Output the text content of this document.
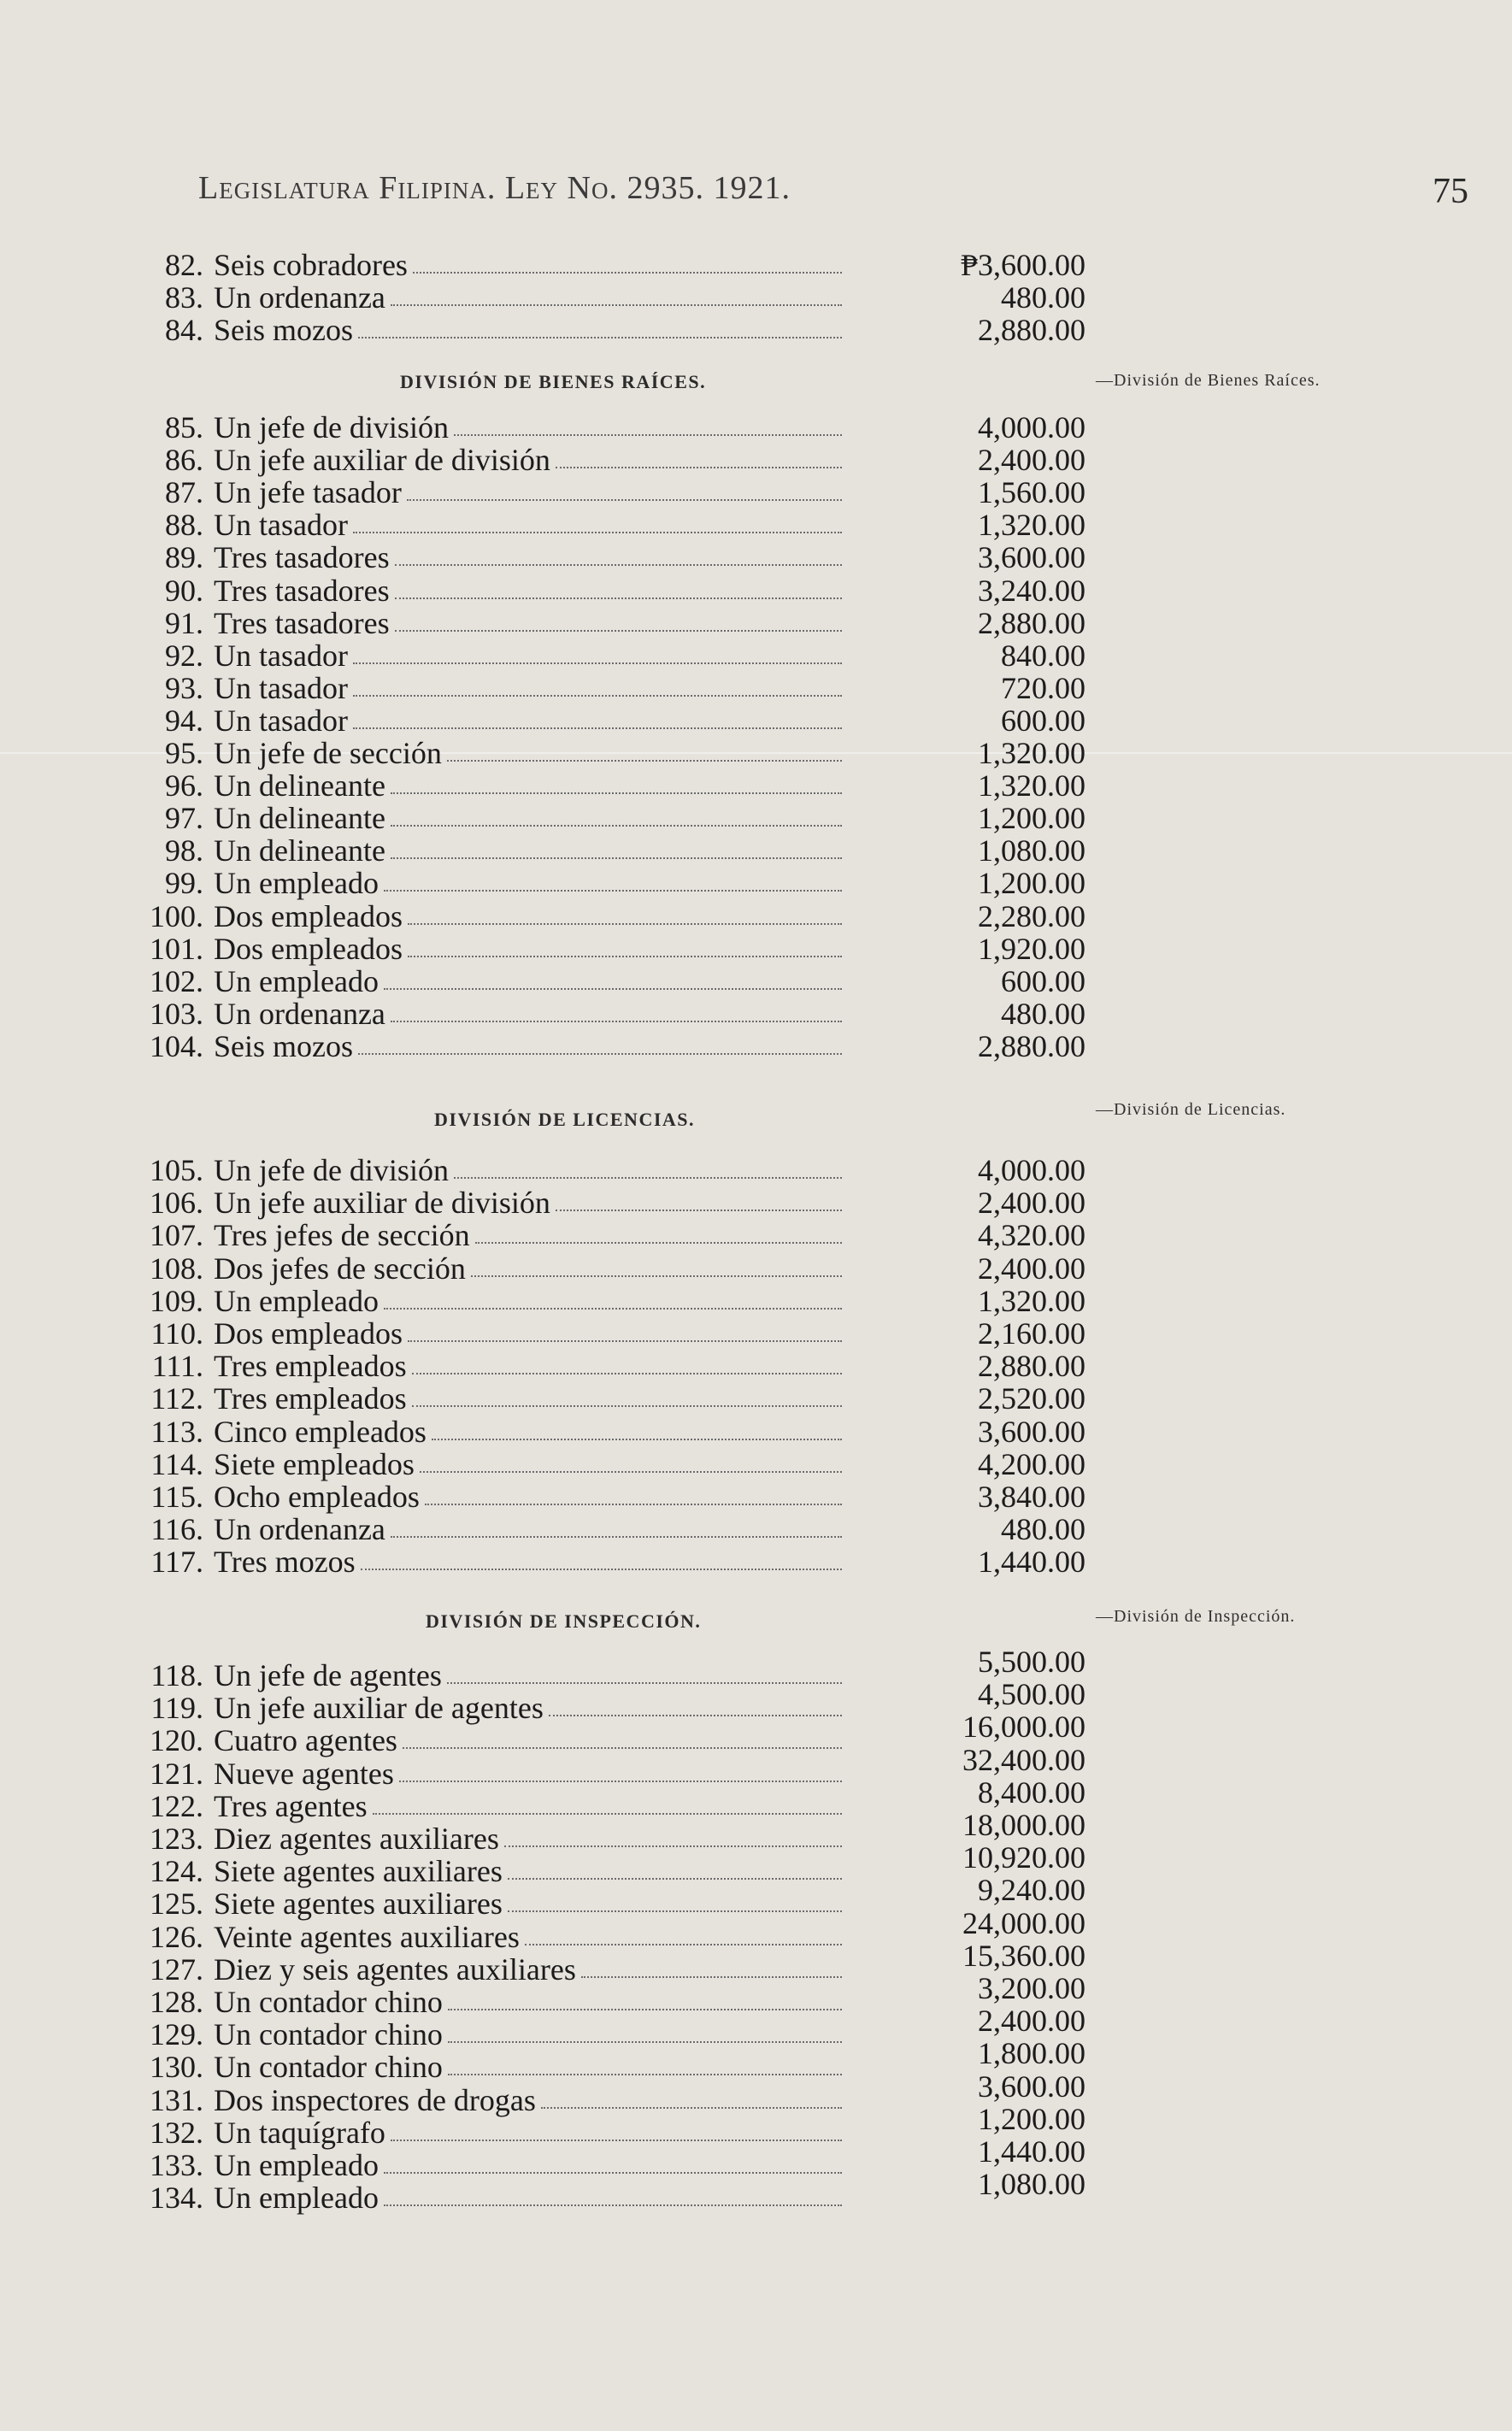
Legislatura Filipina. Ley No. 2935. 1921.	75
DIVISIÓN DE BIENES RAÍCES.	—División de Bienes Raíces.
DIVISIÓN DE LICENCIAS.	—División de Licencias.
DIVISIÓN DE INSPECCIÓN.	—División de Inspección.
82. Seis cobradores	₱3,600.00
83. Un ordenanza	480.00
84. Seis mozos	2,880.00
85. Un jefe de división	4,000.00
86. Un jefe auxiliar de división	2,400.00
87. Un jefe tasador	1,560.00
88. Un tasador	1,320.00
89. Tres tasadores	3,600.00
90. Tres tasadores	3,240.00
91. Tres tasadores	2,880.00
92. Un tasador	840.00
93. Un tasador	720.00
94. Un tasador	600.00
95. Un jefe de sección	1,320.00
96. Un delineante	1,320.00
97. Un delineante	1,200.00
98. Un delineante	1,080.00
99. Un empleado	1,200.00
100. Dos empleados	2,280.00
101. Dos empleados	1,920.00
102. Un empleado	600.00
103. Un ordenanza	480.00
104. Seis mozos	2,880.00
105. Un jefe de división	4,000.00
106. Un jefe auxiliar de división	2,400.00
107. Tres jefes de sección	4,320.00
108. Dos jefes de sección	2,400.00
109. Un empleado	1,320.00
110. Dos empleados	2,160.00
111. Tres empleados	2,880.00
112. Tres empleados	2,520.00
113. Cinco empleados	3,600.00
114. Siete empleados	4,200.00
115. Ocho empleados	3,840.00
116. Un ordenanza	480.00
117. Tres mozos	1,440.00
118. Un jefe de agentes	5,500.00
119. Un jefe auxiliar de agentes	4,500.00
120. Cuatro agentes	16,000.00
121. Nueve agentes	32,400.00
122. Tres agentes	8,400.00
123. Diez agentes auxiliares	18,000.00
124. Siete agentes auxiliares	10,920.00
125. Siete agentes auxiliares	9,240.00
126. Veinte agentes auxiliares	24,000.00
127. Diez y seis agentes auxiliares	15,360.00
128. Un contador chino	3,200.00
129. Un contador chino	2,400.00
130. Un contador chino	1,800.00
131. Dos inspectores de drogas	3,600.00
132. Un taquígrafo	1,200.00
133. Un empleado	1,440.00
134. Un empleado	1,080.00
